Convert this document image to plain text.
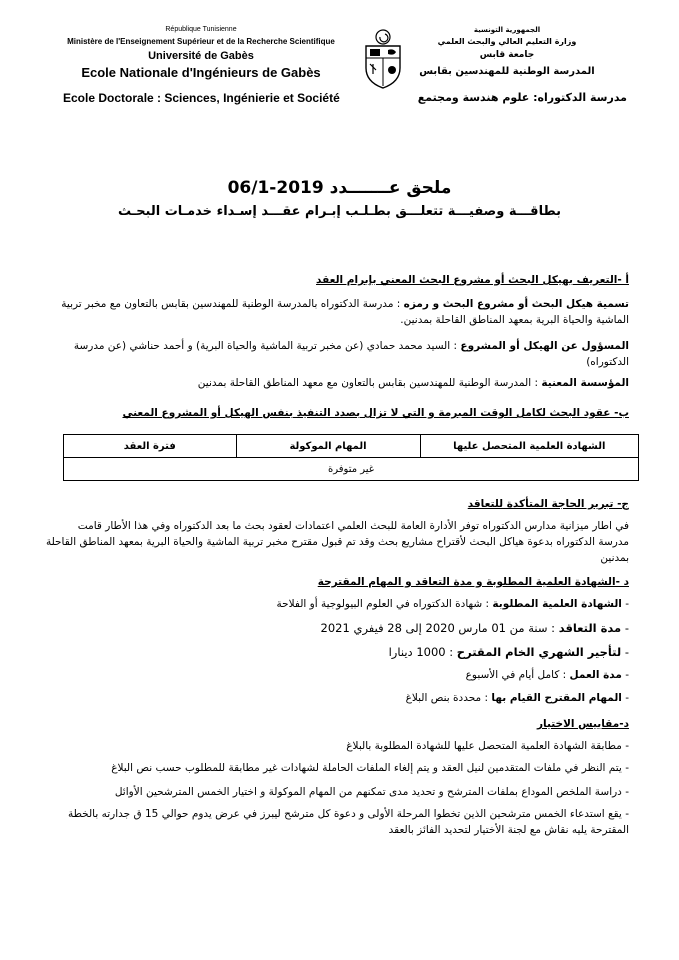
République Tunisienne
Ministère de l'Enseignement Supérieur et de la Recherche Scientifique
Université de Gabès
Ecole Nationale d'Ingénieurs de Gabès
Ecole Doctorale : Sciences, Ingénierie et Société
الجمهورية التونسية
وزارة التعليم العالي والبحث العلمي
جامعة قابس
المدرسة الوطنية للمهندسين بقابس
مدرسة الدكتوراه: علوم هندسة ومجتمع
ملحق عـــــــدد 2019-06/1
بطاقـــة وصفيـــة تتعلـــق بطـلـب إبـرام عقـــد إسـداء خدمـات البحـث
أ -التعريف بهيكل البحث أو مشروع البحث المعني بإبرام العقد
تسمية هيكل البحث أو مشروع البحث و رمزه : مدرسة الدكتوراه بالمدرسة الوطنية للمهندسين بقابس بالتعاون مع مخبر تربية الماشية والحياة البرية بمعهد المناطق القاحلة بمدنين.
المسؤول عن الهيكل أو المشروع : السيد محمد حمادي (عن مخبر تربية الماشية والحياة البرية) و أحمد حناشي (عن مدرسة الدكتوراه)
المؤسسة المعنية : المدرسة الوطنية للمهندسين بقابس بالتعاون مع معهد المناطق القاحلة بمدنين
ب- عقود البحث لكامل الوقت المبرمة و التي لا تزال بصدد التنفيذ بنفس الهيكل أو المشروع المعني
الشهادة العلمية المتحصل عليها	المهام الموكولة	فترة العقد
غير متوفرة
ج- تبرير الحاجة المتأكدة للتعاقد
في اطار ميزانية مدارس الدكتوراه توفر الأدارة العامة للبحث العلمي اعتمادات لعقود بحث ما بعد الدكتوراه وفي هذا الأطار قامت مدرسة الدكتوراه بدعوة هياكل البحث لأقتراح مشاريع بحث وقد تم قبول مقترح مخبر تربية الماشية والحياة البرية بمعهد المناطق القاحلة بمدنين
د -الشهادة العلمية المطلوبة و مدة التعاقد و المهام المقترحة
- الشهادة العلمية المطلوبة : شهادة الدكتوراه في العلوم البيولوجية أو الفلاحة
- مدة التعاقد : سنة من 01 مارس 2020 إلى 28 فيفري 2021
- لتأجير الشهري الخام المقترح : 1000 دينارا
- مدة العمل : كامل أيام في الأسبوع
- المهام المقترح القيام بها : محددة بنص البلاغ
د-مقاييس الاختيار
- مطابقة الشهادة العلمية المتحصل عليها للشهادة المطلوبة بالبلاغ
- يتم النظر في ملفات المتقدمين لنيل العقد و يتم إلغاء الملفات الحاملة لشهادات غير مطابقة للمطلوب حسب نص البلاغ
- دراسة الملخص الموداع بملفات المترشح و تحديد مدى تمكنهم من المهام الموكولة و اختيار الخمس المترشحين الأوائل
- يقع استدعاء الخمس مترشحين الذين تخطوا المرحلة الأولى و دعوة كل مترشح ليبرز في عرض يدوم حوالي 15 ق جدارته بالخطة المقترحة يليه نقاش مع لجنة الأختيار لتحديد الفائز بالعقد
